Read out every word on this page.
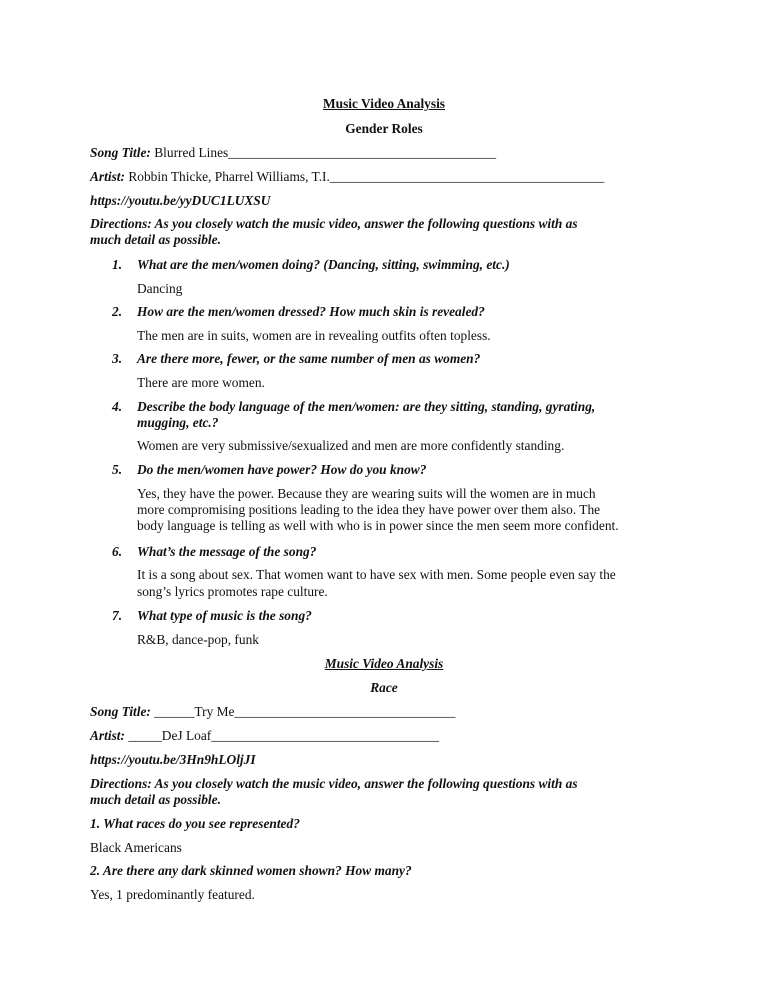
Music Video Analysis
Gender Roles
Song Title: Blurred Lines________________________________________
Artist: Robbin Thicke, Pharrel Williams, T.I._________________________________________
https://youtu.be/yyDUC1LUXSU
Directions: As you closely watch the music video, answer the following questions with as
much detail as possible.
1. What are the men/women doing? (Dancing, sitting, swimming, etc.)
Dancing
2. How are the men/women dressed? How much skin is revealed?
The men are in suits, women are in revealing outfits often topless.
3. Are there more, fewer, or the same number of men as women?
There are more women.
4. Describe the body language of the men/women: are they sitting, standing, gyrating,
mugging, etc.?
Women are very submissive/sexualized and men are more confidently standing.
5. Do the men/women have power? How do you know?
Yes, they have the power. Because they are wearing suits will the women are in much
more compromising positions leading to the idea they have power over them also. The
body language is telling as well with who is in power since the men seem more confident.
6. What’s the message of the song?
It is a song about sex. That women want to have sex with men. Some people even say the
song’s lyrics promotes rape culture.
7. What type of music is the song?
R&B, dance-pop, funk
Music Video Analysis
Race
Song Title: ______Try Me_________________________________
Artist: _____DeJ Loaf__________________________________
https://youtu.be/3Hn9hLOljJI
Directions: As you closely watch the music video, answer the following questions with as
much detail as possible.
1. What races do you see represented?
Black Americans
2. Are there any dark skinned women shown? How many?
Yes, 1 predominantly featured.
